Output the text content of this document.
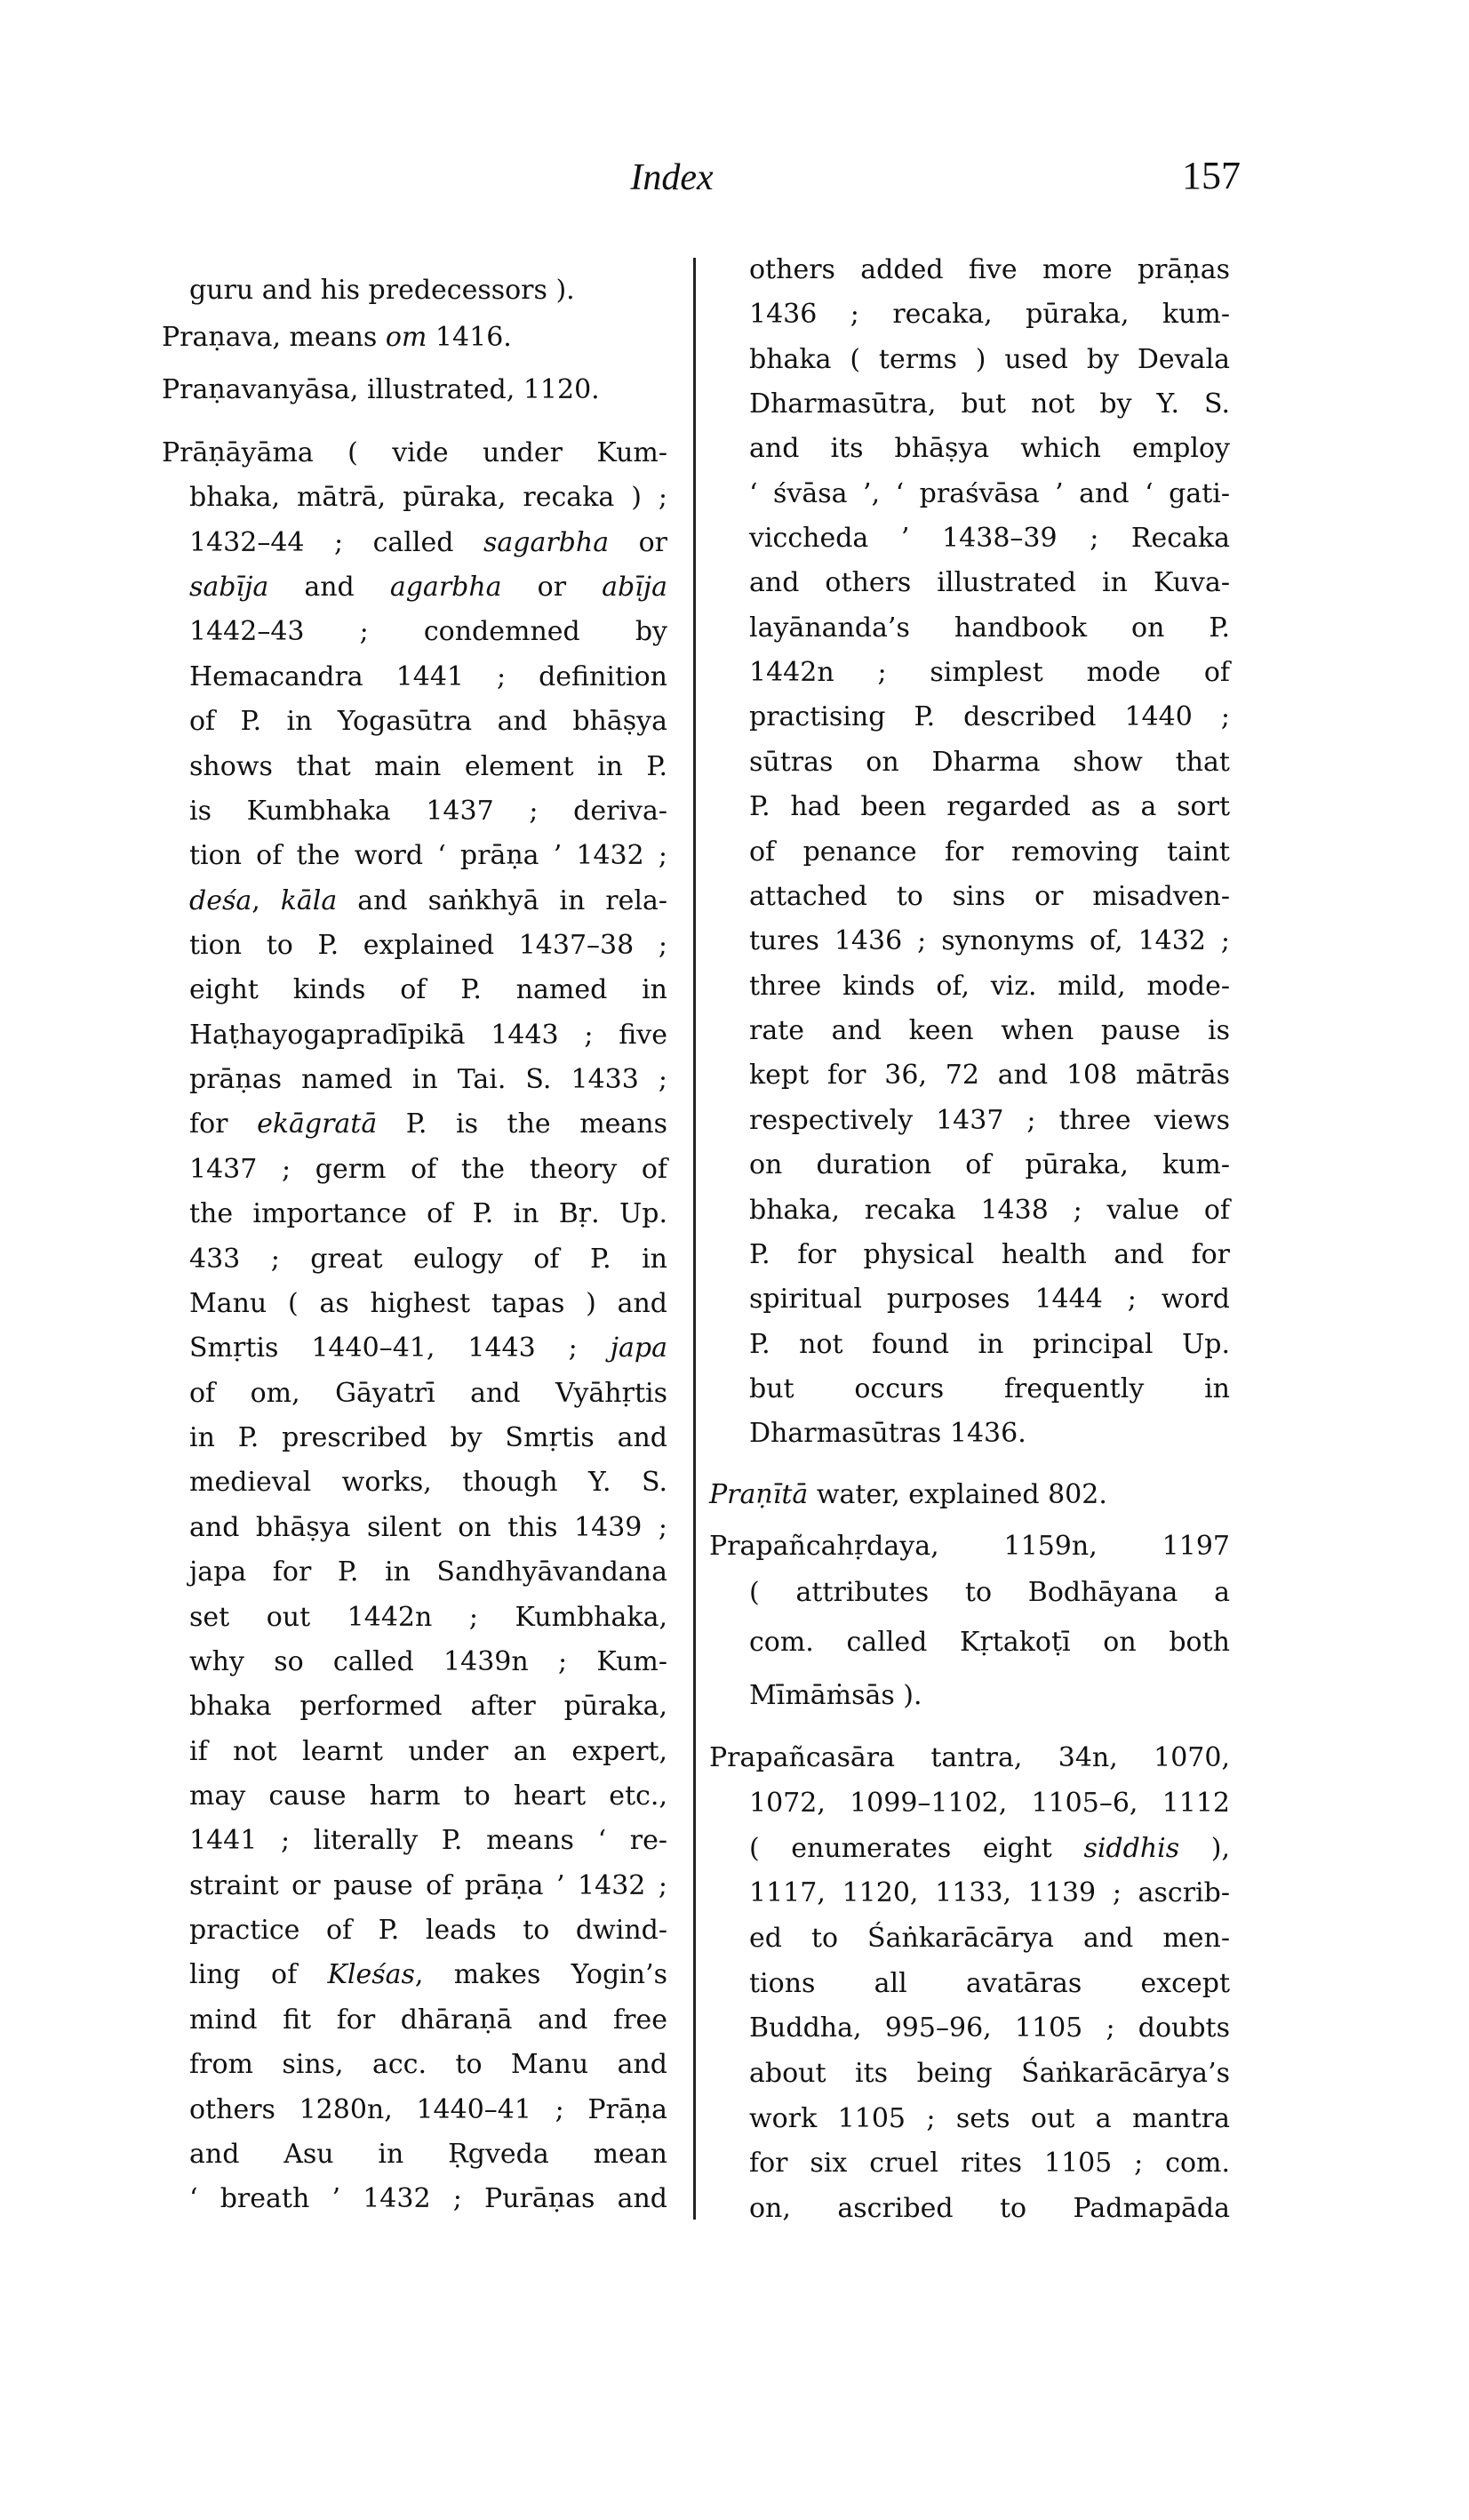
Index	157
guru and his predecessors ).
Praṇava, means om 1416.
Praṇavanyāsa, illustrated, 1120.
Prāṇāyāma ( vide under Kum-
bhaka, mātrā, pūraka, recaka ) ;
1432–44 ; called sagarbha or
sabīja and agarbha or abīja
1442–43 ; condemned by
Hemacandra 1441 ; definition
of P. in Yogasūtra and bhāṣya
shows that main element in P.
is Kumbhaka 1437 ; deriva-
tion of the word ‘ prāṇa ’ 1432 ;
deśa, kāla and saṅkhyā in rela-
tion to P. explained 1437–38 ;
eight kinds of P. named in
Haṭhayogapradīpikā 1443 ; five
prāṇas named in Tai. S. 1433 ;
for ekāgratā P. is the means
1437 ; germ of the theory of
the importance of P. in Bṛ. Up.
433 ; great eulogy of P. in
Manu ( as highest tapas ) and
Smṛtis 1440–41, 1443 ; japa
of om, Gāyatrī and Vyāhṛtis
in P. prescribed by Smṛtis and
medieval works, though Y. S.
and bhāṣya silent on this 1439 ;
japa for P. in Sandhyāvandana
set out 1442n ; Kumbhaka,
why so called 1439n ; Kum-
bhaka performed after pūraka,
if not learnt under an expert,
may cause harm to heart etc.,
1441 ; literally P. means ‘ re-
straint or pause of prāṇa ’ 1432 ;
practice of P. leads to dwind-
ling of Kleśas, makes Yogin’s
mind fit for dhāraṇā and free
from sins, acc. to Manu and
others 1280n, 1440–41 ; Prāṇa
and Asu in Ṛgveda mean
‘ breath ’ 1432 ; Purāṇas and
others added five more prāṇas
1436 ; recaka, pūraka, kum-
bhaka ( terms ) used by Devala
Dharmasūtra, but not by Y. S.
and its bhāṣya which employ
‘ śvāsa ’, ‘ praśvāsa ’ and ‘ gati-
viccheda ’ 1438–39 ; Recaka
and others illustrated in Kuva-
layānanda’s handbook on P.
1442n ; simplest mode of
practising P. described 1440 ;
sūtras on Dharma show that
P. had been regarded as a sort
of penance for removing taint
attached to sins or misadven-
tures 1436 ; synonyms of, 1432 ;
three kinds of, viz. mild, mode-
rate and keen when pause is
kept for 36, 72 and 108 mātrās
respectively 1437 ; three views
on duration of pūraka, kum-
bhaka, recaka 1438 ; value of
P. for physical health and for
spiritual purposes 1444 ; word
P. not found in principal Up.
but occurs frequently in
Dharmasūtras 1436.
Praṇītā water, explained 802.
Prapañcahṛdaya, 1159n, 1197
( attributes to Bodhāyana a
com. called Kṛtakoṭī on both
Mīmāṁsās ).
Prapañcasāra tantra, 34n, 1070,
1072, 1099–1102, 1105–6, 1112
( enumerates eight siddhis ),
1117, 1120, 1133, 1139 ; ascrib-
ed to Śaṅkarācārya and men-
tions all avatāras except
Buddha, 995–96, 1105 ; doubts
about its being Śaṅkarācārya’s
work 1105 ; sets out a mantra
for six cruel rites 1105 ; com.
on, ascribed to Padmapāda
